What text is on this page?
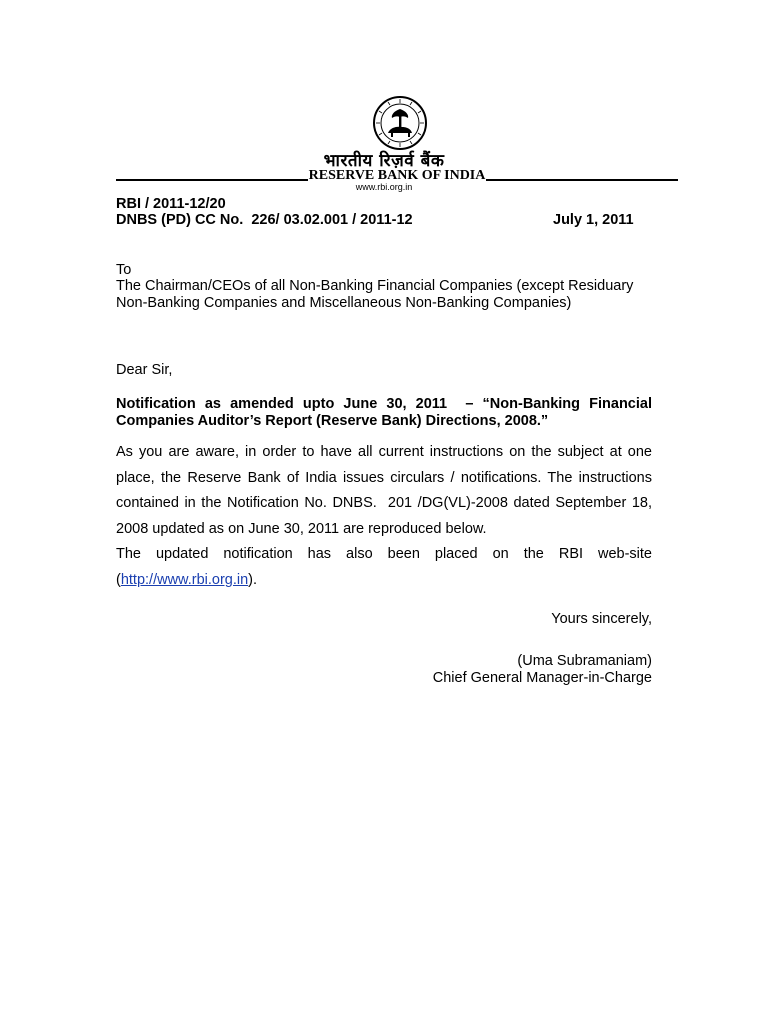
भारतीय रिज़र्व बैंक
RESERVE BANK OF INDIA
www.rbi.org.in
RBI / 2011-12/20
DNBS (PD) CC No.  226/ 03.02.001 / 2011-12	July 1, 2011
To
The Chairman/CEOs of all Non-Banking Financial Companies (except Residuary Non-Banking Companies and Miscellaneous Non-Banking Companies)
Dear Sir,
Notification as amended upto June 30, 2011  – “Non-Banking Financial Companies Auditor’s Report (Reserve Bank) Directions, 2008.”
As you are aware, in order to have all current instructions on the subject at one place, the Reserve Bank of India issues circulars / notifications. The instructions contained in the Notification No. DNBS.  201 /DG(VL)-2008 dated September 18, 2008 updated as on June 30, 2011 are reproduced below.
The updated notification has also been placed on the RBI web-site (http://www.rbi.org.in).
Yours sincerely,
(Uma Subramaniam)
Chief General Manager-in-Charge
